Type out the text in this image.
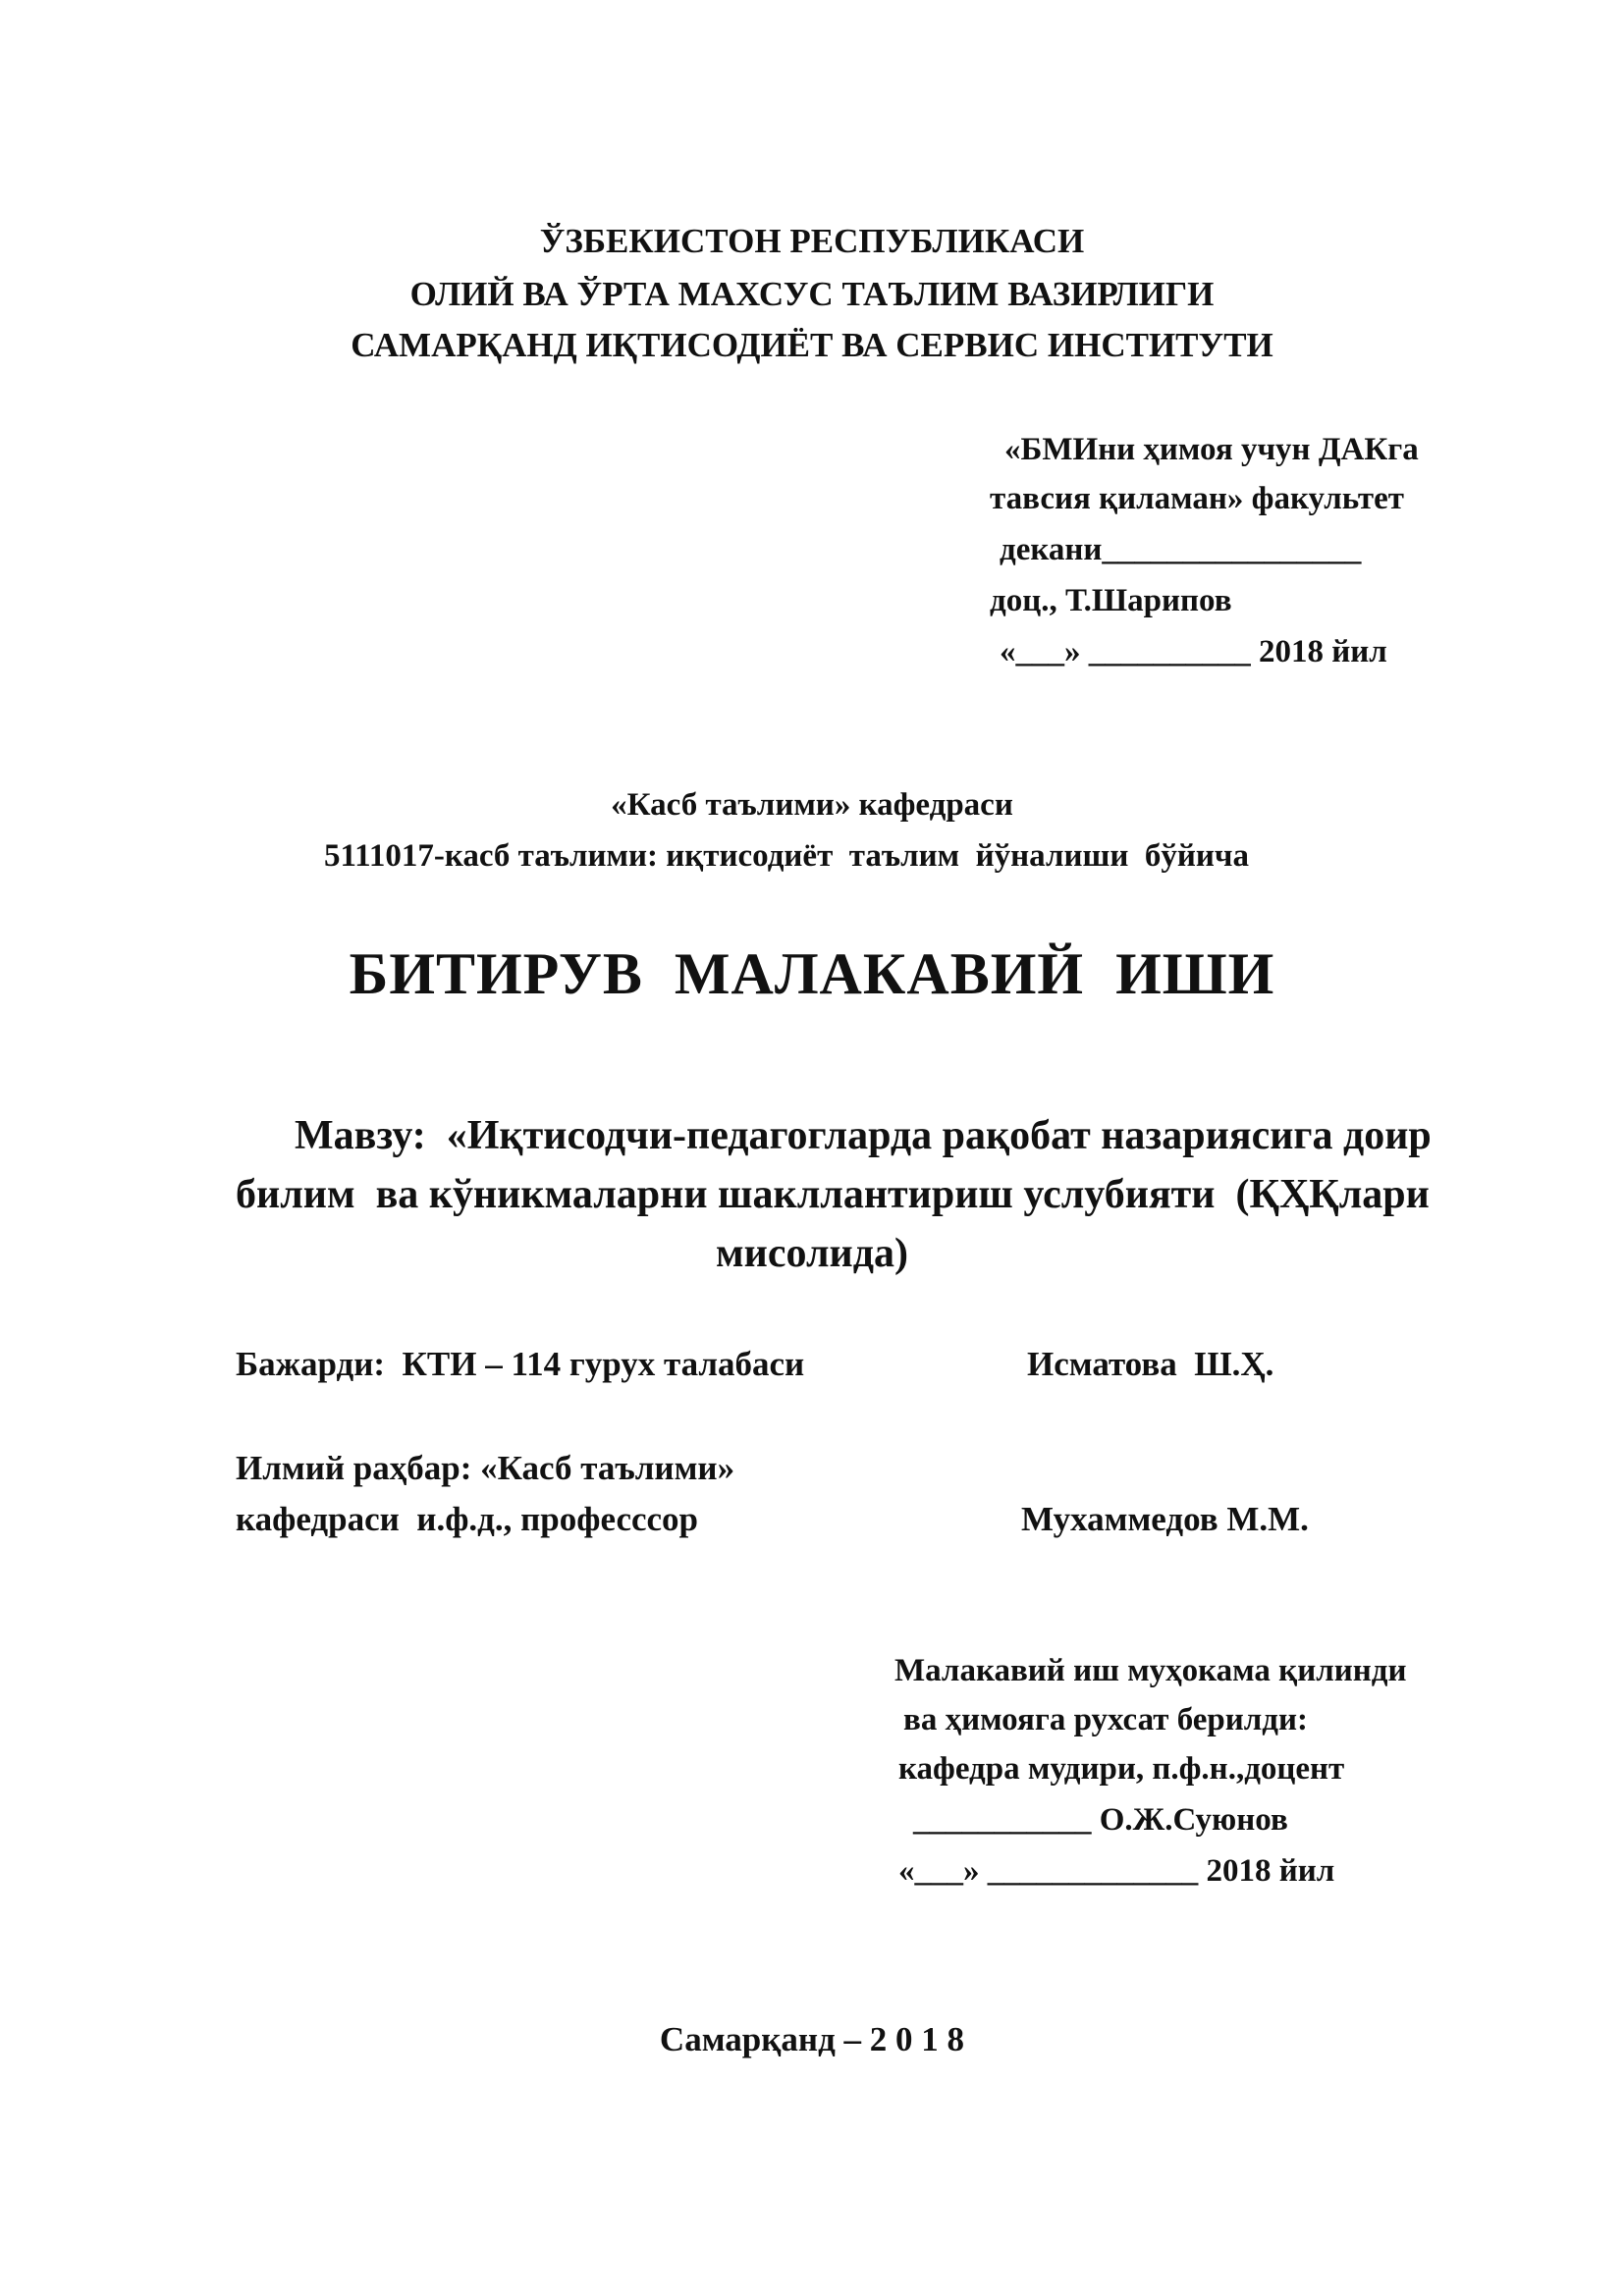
ЎЗБЕКИСТОН РЕСПУБЛИКАСИ

ОЛИЙ ВА ЎРТА МАХСУС ТАЪЛИМ ВАЗИРЛИГИ

САМАРҚАНД ИҚТИСОДИЁТ ВА СЕРВИС ИНСТИТУТИ

«БМИни ҳимоя учун ДАКга

тавсия қиламан» факультет

декани________________

доц., Т.Шарипов

«___» __________ 2018 йил

«Касб таълими» кафедраси

5111017-касб таълими: иқтисодиёт  таълим  йўналиши  бўйича

БИТИРУВ  МАЛАКАВИЙ  ИШИ

Мавзу:  «Иқтисодчи-педагогларда рақобат назариясига доир

билим  ва кўникмаларни шакллантириш услубияти  (ҚҲҚлари

мисолида)

Бажарди:  КТИ – 114 гурух талабаси	Исматова  Ш.Ҳ.

Илмий раҳбар: «Касб таълими»

кафедраси  и.ф.д., професссор	Мухаммедов М.М.

Малакавий иш муҳокама қилинди

ва ҳимояга рухсат берилди:

кафедра мудири, п.ф.н.,доцент

___________ О.Ж.Суюнов

«___» _____________ 2018 йил

Самарқанд – 2 0 1 8
